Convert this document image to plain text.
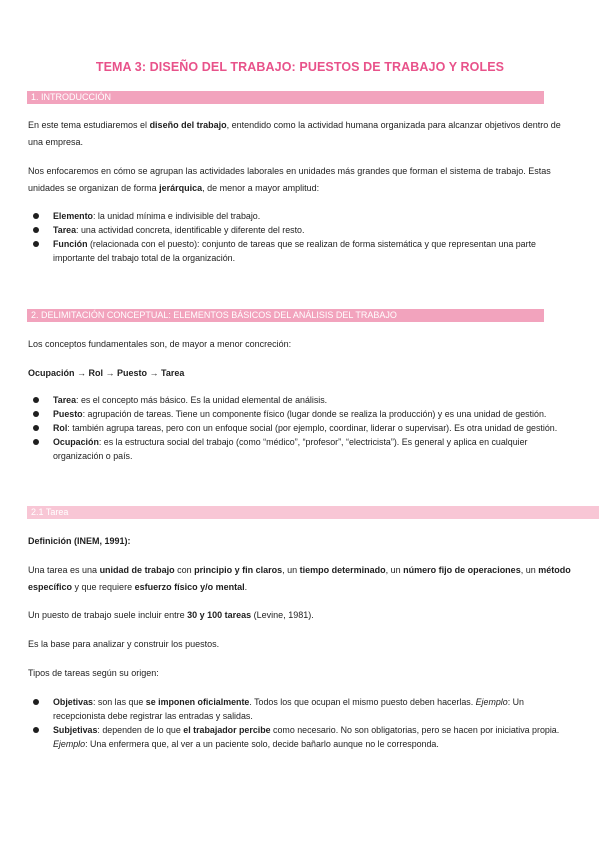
TEMA 3: DISEÑO DEL TRABAJO: PUESTOS DE TRABAJO Y ROLES
1. INTRODUCCIÓN

En este tema estudiaremos el diseño del trabajo, entendido como la actividad humana organizada para alcanzar objetivos dentro de una empresa.

Nos enfocaremos en cómo se agrupan las actividades laborales en unidades más grandes que forman el sistema de trabajo. Estas unidades se organizan de forma jerárquica, de menor a mayor amplitud:

Elemento: la unidad mínima e indivisible del trabajo.
Tarea: una actividad concreta, identificable y diferente del resto.
Función (relacionada con el puesto): conjunto de tareas que se realizan de forma sistemática y que representan una parte importante del trabajo total de la organización.
2. DELIMITACIÓN CONCEPTUAL: ELEMENTOS BÁSICOS DEL ANÁLISIS DEL TRABAJO

Los conceptos fundamentales son, de mayor a menor concreción:

Ocupación → Rol → Puesto → Tarea

Tarea: es el concepto más básico. Es la unidad elemental de análisis.
Puesto: agrupación de tareas. Tiene un componente físico (lugar donde se realiza la producción) y es una unidad de gestión.
Rol: también agrupa tareas, pero con un enfoque social (por ejemplo, coordinar, liderar o supervisar). Es otra unidad de gestión.
Ocupación: es la estructura social del trabajo (como “médico”, “profesor”, “electricista”). Es general y aplica en cualquier organización o país.
2.1 Tarea

Definición (INEM, 1991):

Una tarea es una unidad de trabajo con principio y fin claros, un tiempo determinado, un número fijo de operaciones, un método específico y que requiere esfuerzo físico y/o mental.

Un puesto de trabajo suele incluir entre 30 y 100 tareas (Levine, 1981).

Es la base para analizar y construir los puestos.

Tipos de tareas según su origen:

Objetivas: son las que se imponen oficialmente. Todos los que ocupan el mismo puesto deben hacerlas. Ejemplo: Un recepcionista debe registrar las entradas y salidas.
Subjetivas: dependen de lo que el trabajador percibe como necesario. No son obligatorias, pero se hacen por iniciativa propia. Ejemplo: Una enfermera que, al ver a un paciente solo, decide bañarlo aunque no le corresponda.
